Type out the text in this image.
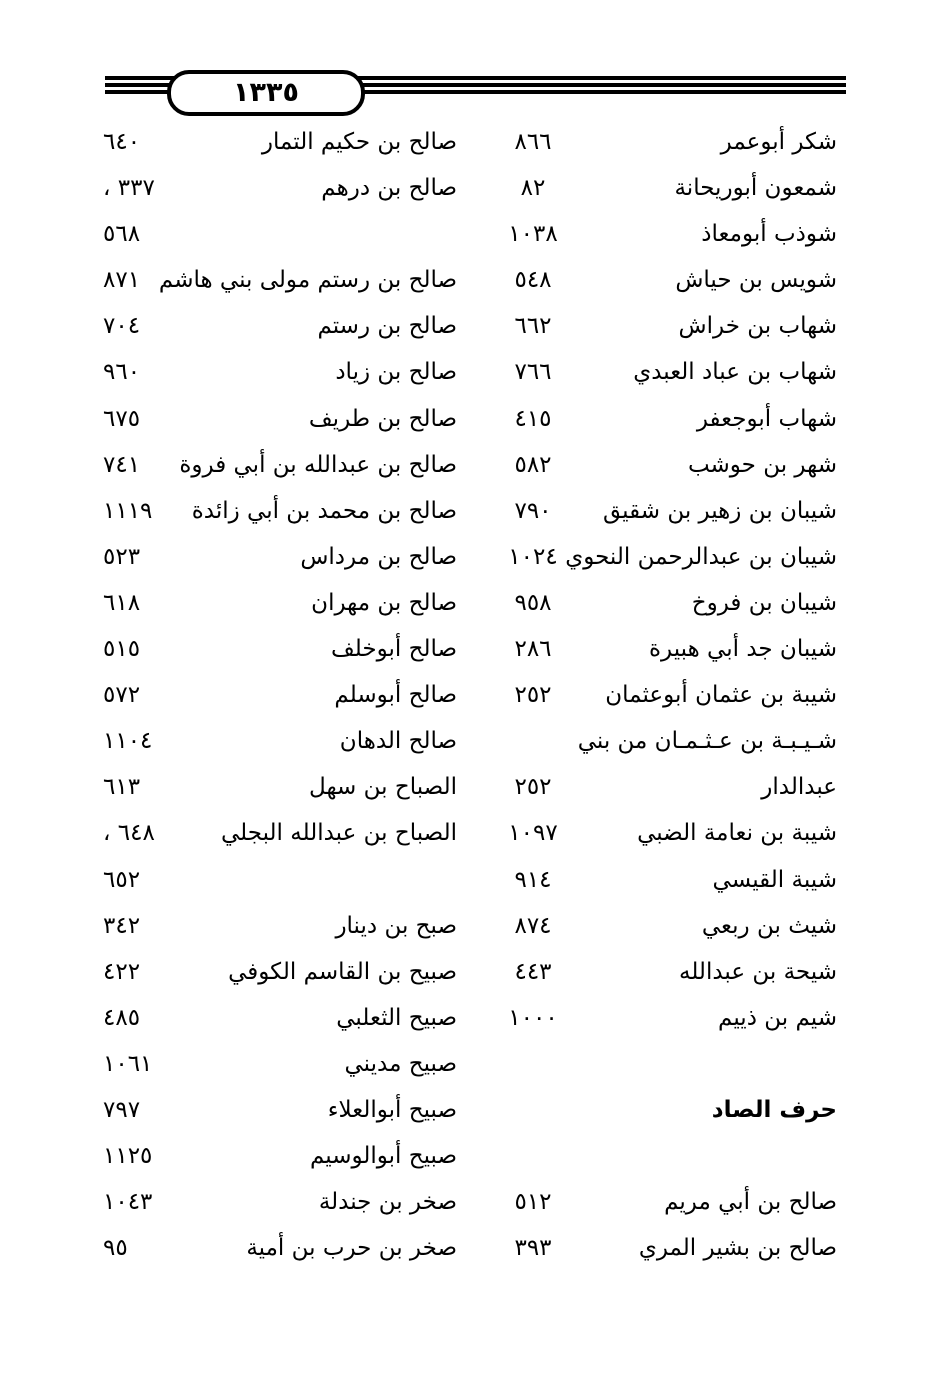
١٣٣٥
شكر أبوعمر
٨٦٦
صالح بن حكيم التمار
٦٤٠
شمعون أبوريحانة
٨٢
صالح بن درهم
٣٣٧ ،
شوذب أبومعاذ
١٠٣٨
٥٦٨
شويس بن حياش
٥٤٨
صالح بن رستم مولى بني هاشم
٨٧١
شهاب بن خراش
٦٦٢
صالح بن رستم
٧٠٤
شهاب بن عباد العبدي
٧٦٦
صالح بن زياد
٩٦٠
شهاب أبوجعفر
٤١٥
صالح بن طريف
٦٧٥
شهر بن حوشب
٥٨٢
صالح بن عبدالله بن أبي فروة
٧٤١
شيبان بن زهير بن شقيق
٧٩٠
صالح بن محمد بن أبي زائدة
١١١٩
شيبان بن عبدالرحمن النحوي
١٠٢٤
صالح بن مرداس
٥٢٣
شيبان بن فروخ
٩٥٨
صالح بن مهران
٦١٨
شيبان جد أبي هبيرة
٢٨٦
صالح أبوخلف
٥١٥
شيبة بن عثمان أبوعثمان
٢٥٢
صالح أبوسلم
٥٧٢
شـيـبـة بن عـثـمـان من بني
صالح الدهان
١١٠٤
عبدالدار
٢٥٢
الصباح بن سهل
٦١٣
شيبة بن نعامة الضبي
١٠٩٧
الصباح بن عبدالله البجلي
٦٤٨ ،
شيبة القيسي
٩١٤
٦٥٢
شيث بن ربعي
٨٧٤
صبح بن دينار
٣٤٢
شيحة بن عبدالله
٤٤٣
صبيح بن القاسم الكوفي
٤٢٢
شيم بن ذييم
١٠٠٠
صبيح الثعلبي
٤٨٥
صبيح مديني
١٠٦١
حرف الصاد
صبيح أبوالعلاء
٧٩٧
صبيح أبوالوسيم
١١٢٥
صالح بن أبي مريم
٥١٢
صخر بن جندلة
١٠٤٣
صالح بن بشير المري
٣٩٣
صخر بن حرب بن أمية
٩٥
